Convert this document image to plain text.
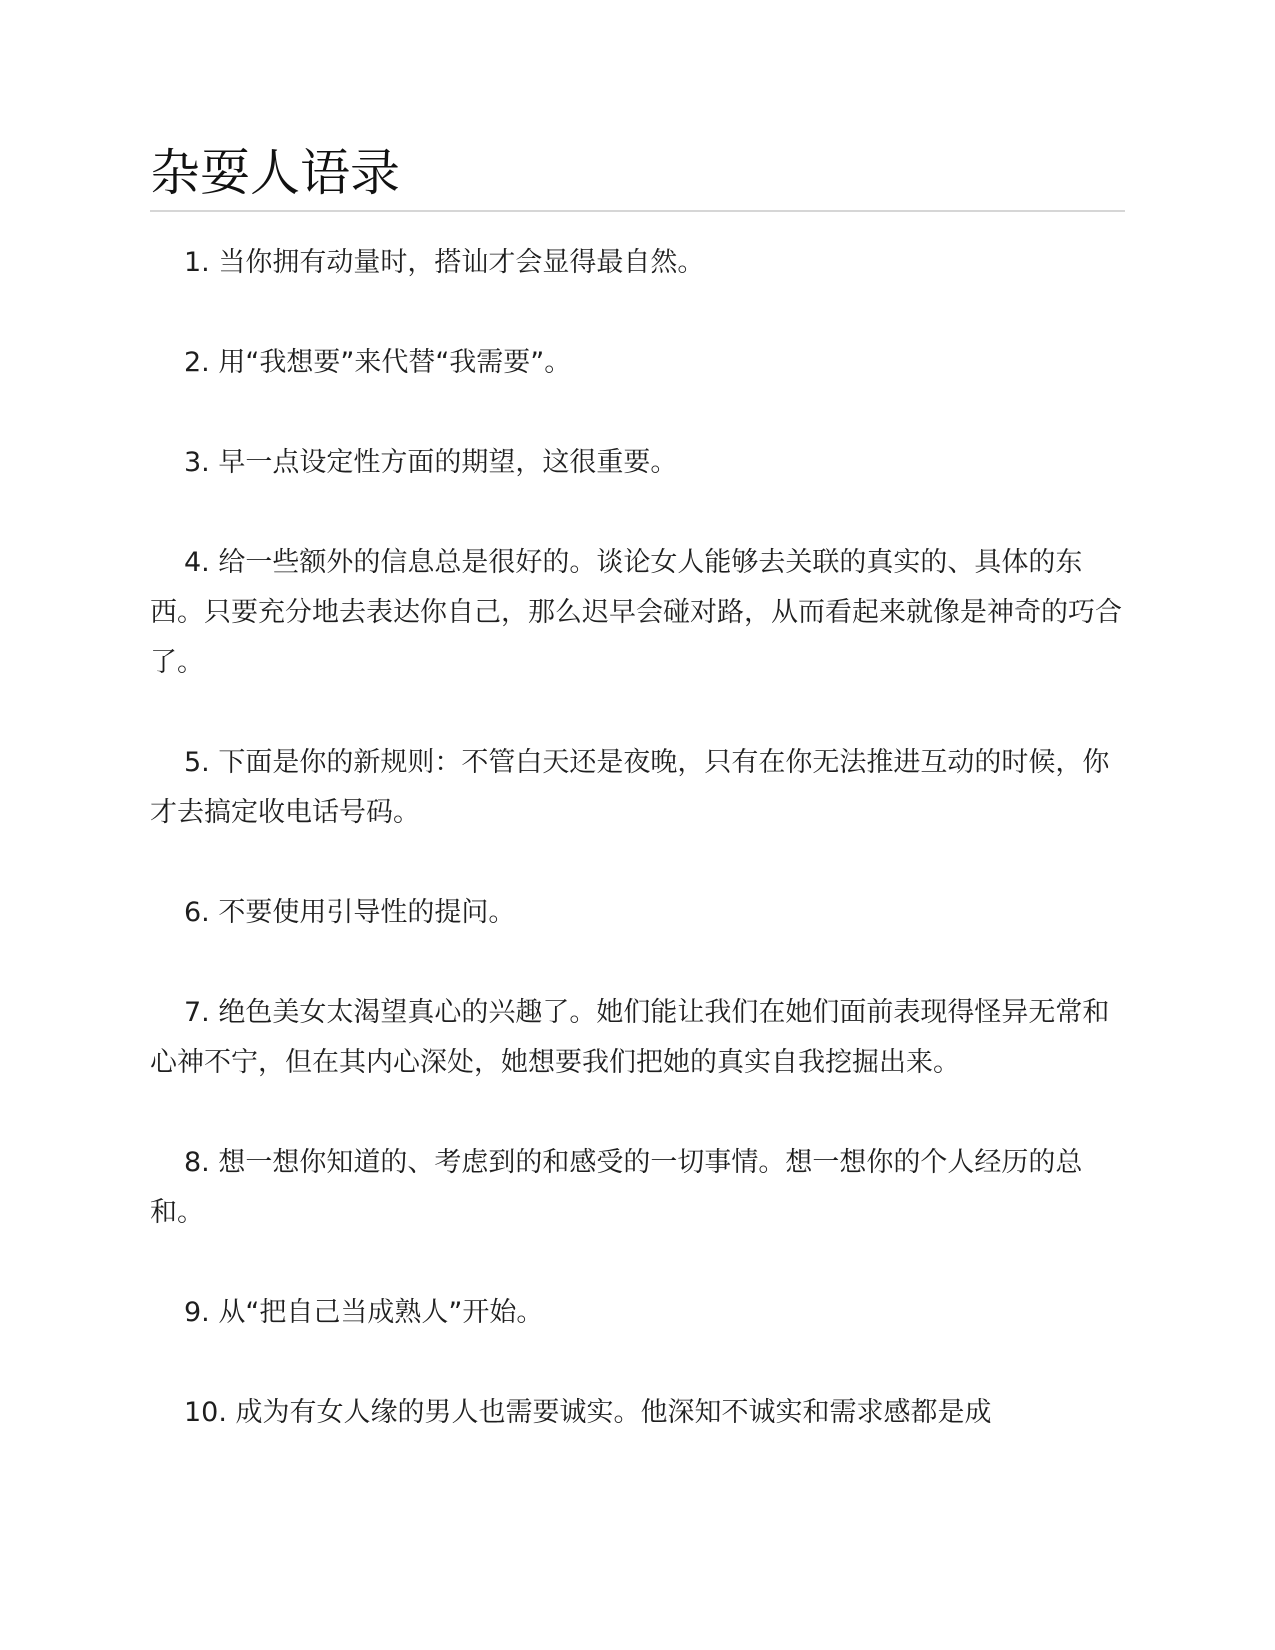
杂耍人语录

1. 当你拥有动量时，搭讪才会显得最自然。

2. 用“我想要”来代替“我需要”。

3. 早一点设定性方面的期望，这很重要。

4. 给一些额外的信息总是很好的。谈论女人能够去关联的真实的、具体的东西。只要充分地去表达你自己，那么迟早会碰对路，从而看起来就像是神奇的巧合了。

5. 下面是你的新规则：不管白天还是夜晚，只有在你无法推进互动的时候，你才去搞定收电话号码。

6. 不要使用引导性的提问。

7. 绝色美女太渴望真心的兴趣了。她们能让我们在她们面前表现得怪异无常和心神不宁，但在其内心深处，她想要我们把她的真实自我挖掘出来。

8. 想一想你知道的、考虑到的和感受的一切事情。想一想你的个人经历的总和。

9. 从“把自己当成熟人”开始。

10. 成为有女人缘的男人也需要诚实。他深知不诚实和需求感都是成
